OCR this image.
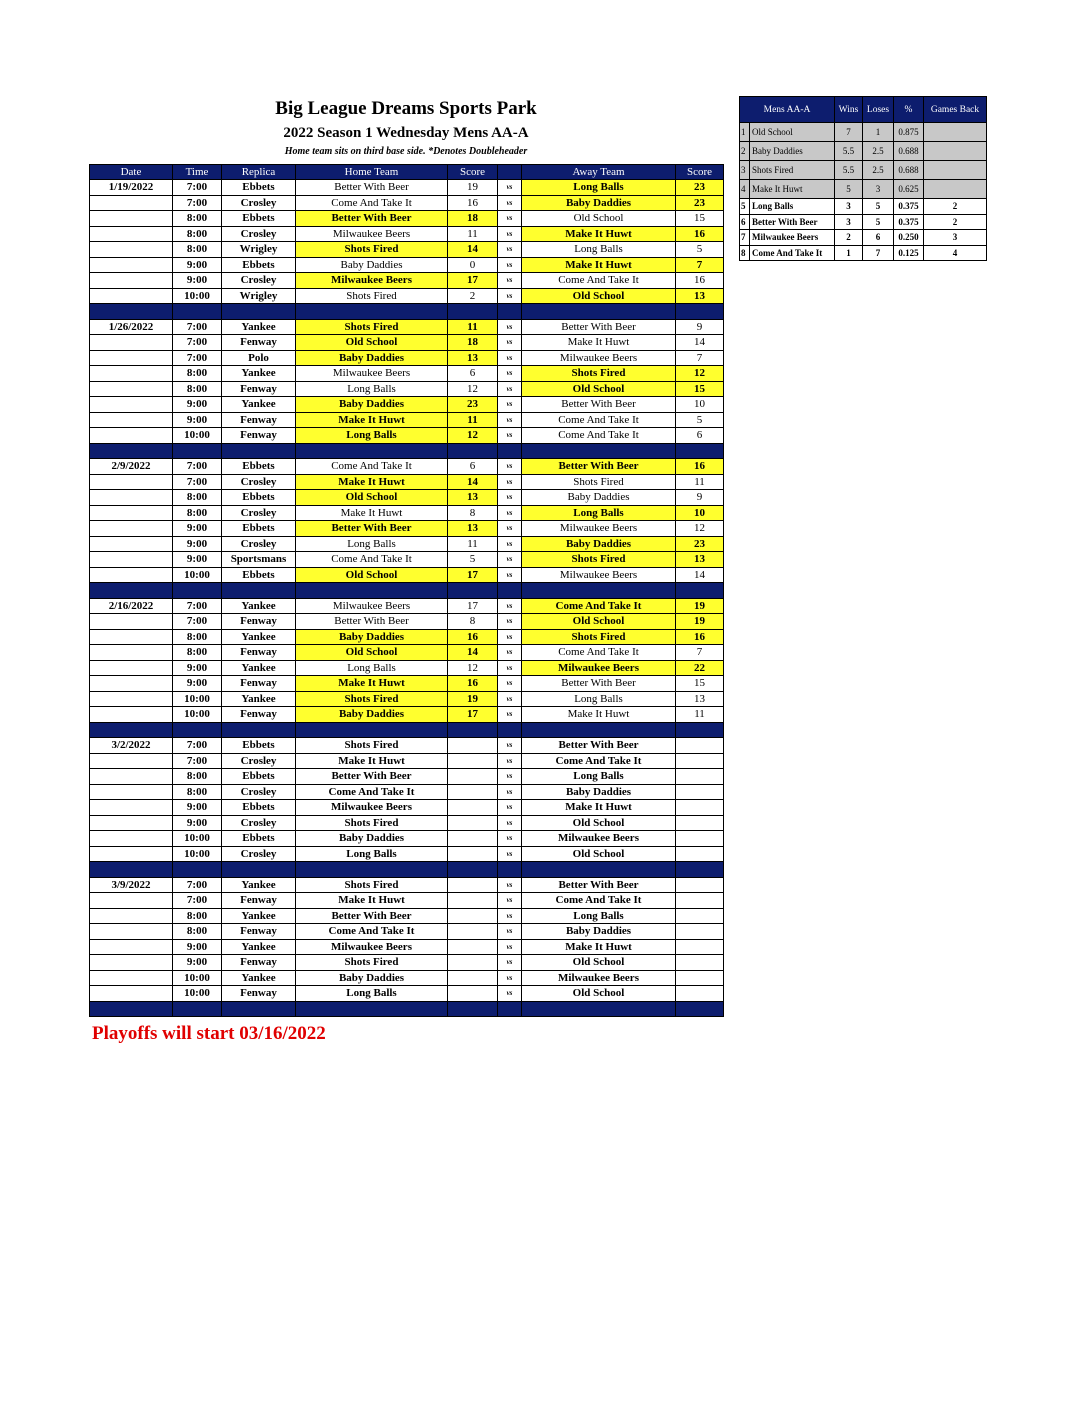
Big League Dreams Sports Park
2022 Season 1 Wednesday Mens AA-A
Home team sits on third base side. *Denotes Doubleheader
Date	Time	Replica	Home Team	Score		Away Team	Score
1/19/2022	7:00	Ebbets	Better With Beer	19	vs	Long Balls	23
	7:00	Crosley	Come And Take It	16	vs	Baby Daddies	23
	8:00	Ebbets	Better With Beer	18	vs	Old School	15
	8:00	Crosley	Milwaukee Beers	11	vs	Make It Huwt	16
	8:00	Wrigley	Shots Fired	14	vs	Long Balls	5
	9:00	Ebbets	Baby Daddies	0	vs	Make It Huwt	7
	9:00	Crosley	Milwaukee Beers	17	vs	Come And Take It	16
	10:00	Wrigley	Shots Fired	2	vs	Old School	13

1/26/2022	7:00	Yankee	Shots Fired	11	vs	Better With Beer	9
	7:00	Fenway	Old School	18	vs	Make It Huwt	14
	7:00	Polo	Baby Daddies	13	vs	Milwaukee Beers	7
	8:00	Yankee	Milwaukee Beers	6	vs	Shots Fired	12
	8:00	Fenway	Long Balls	12	vs	Old School	15
	9:00	Yankee	Baby Daddies	23	vs	Better With Beer	10
	9:00	Fenway	Make It Huwt	11	vs	Come And Take It	5
	10:00	Fenway	Long Balls	12	vs	Come And Take It	6

2/9/2022	7:00	Ebbets	Come And Take It	6	vs	Better With Beer	16
	7:00	Crosley	Make It Huwt	14	vs	Shots Fired	11
	8:00	Ebbets	Old School	13	vs	Baby Daddies	9
	8:00	Crosley	Make It Huwt	8	vs	Long Balls	10
	9:00	Ebbets	Better With Beer	13	vs	Milwaukee Beers	12
	9:00	Crosley	Long Balls	11	vs	Baby Daddies	23
	9:00	Sportsmans	Come And Take It	5	vs	Shots Fired	13
	10:00	Ebbets	Old School	17	vs	Milwaukee Beers	14

2/16/2022	7:00	Yankee	Milwaukee Beers	17	vs	Come And Take It	19
	7:00	Fenway	Better With Beer	8	vs	Old School	19
	8:00	Yankee	Baby Daddies	16	vs	Shots Fired	16
	8:00	Fenway	Old School	14	vs	Come And Take It	7
	9:00	Yankee	Long Balls	12	vs	Milwaukee Beers	22
	9:00	Fenway	Make It Huwt	16	vs	Better With Beer	15
	10:00	Yankee	Shots Fired	19	vs	Long Balls	13
	10:00	Fenway	Baby Daddies	17	vs	Make It Huwt	11

3/2/2022	7:00	Ebbets	Shots Fired		vs	Better With Beer	
	7:00	Crosley	Make It Huwt		vs	Come And Take It	
	8:00	Ebbets	Better With Beer		vs	Long Balls	
	8:00	Crosley	Come And Take It		vs	Baby Daddies	
	9:00	Ebbets	Milwaukee Beers		vs	Make It Huwt	
	9:00	Crosley	Shots Fired		vs	Old School	
	10:00	Ebbets	Baby Daddies		vs	Milwaukee Beers	
	10:00	Crosley	Long Balls		vs	Old School	

3/9/2022	7:00	Yankee	Shots Fired		vs	Better With Beer	
	7:00	Fenway	Make It Huwt		vs	Come And Take It	
	8:00	Yankee	Better With Beer		vs	Long Balls	
	8:00	Fenway	Come And Take It		vs	Baby Daddies	
	9:00	Yankee	Milwaukee Beers		vs	Make It Huwt	
	9:00	Fenway	Shots Fired		vs	Old School	
	10:00	Yankee	Baby Daddies		vs	Milwaukee Beers	
	10:00	Fenway	Long Balls		vs	Old School	

Mens AA-A		Wins	Loses	%	Games Back
1	Old School	7	1	0.875	
2	Baby Daddies	5.5	2.5	0.688	
3	Shots Fired	5.5	2.5	0.688	
4	Make It Huwt	5	3	0.625	
5	Long Balls	3	5	0.375	2
6	Better With Beer	3	5	0.375	2
7	Milwaukee Beers	2	6	0.250	3
8	Come And Take It	1	7	0.125	4
Playoffs will start 03/16/2022
